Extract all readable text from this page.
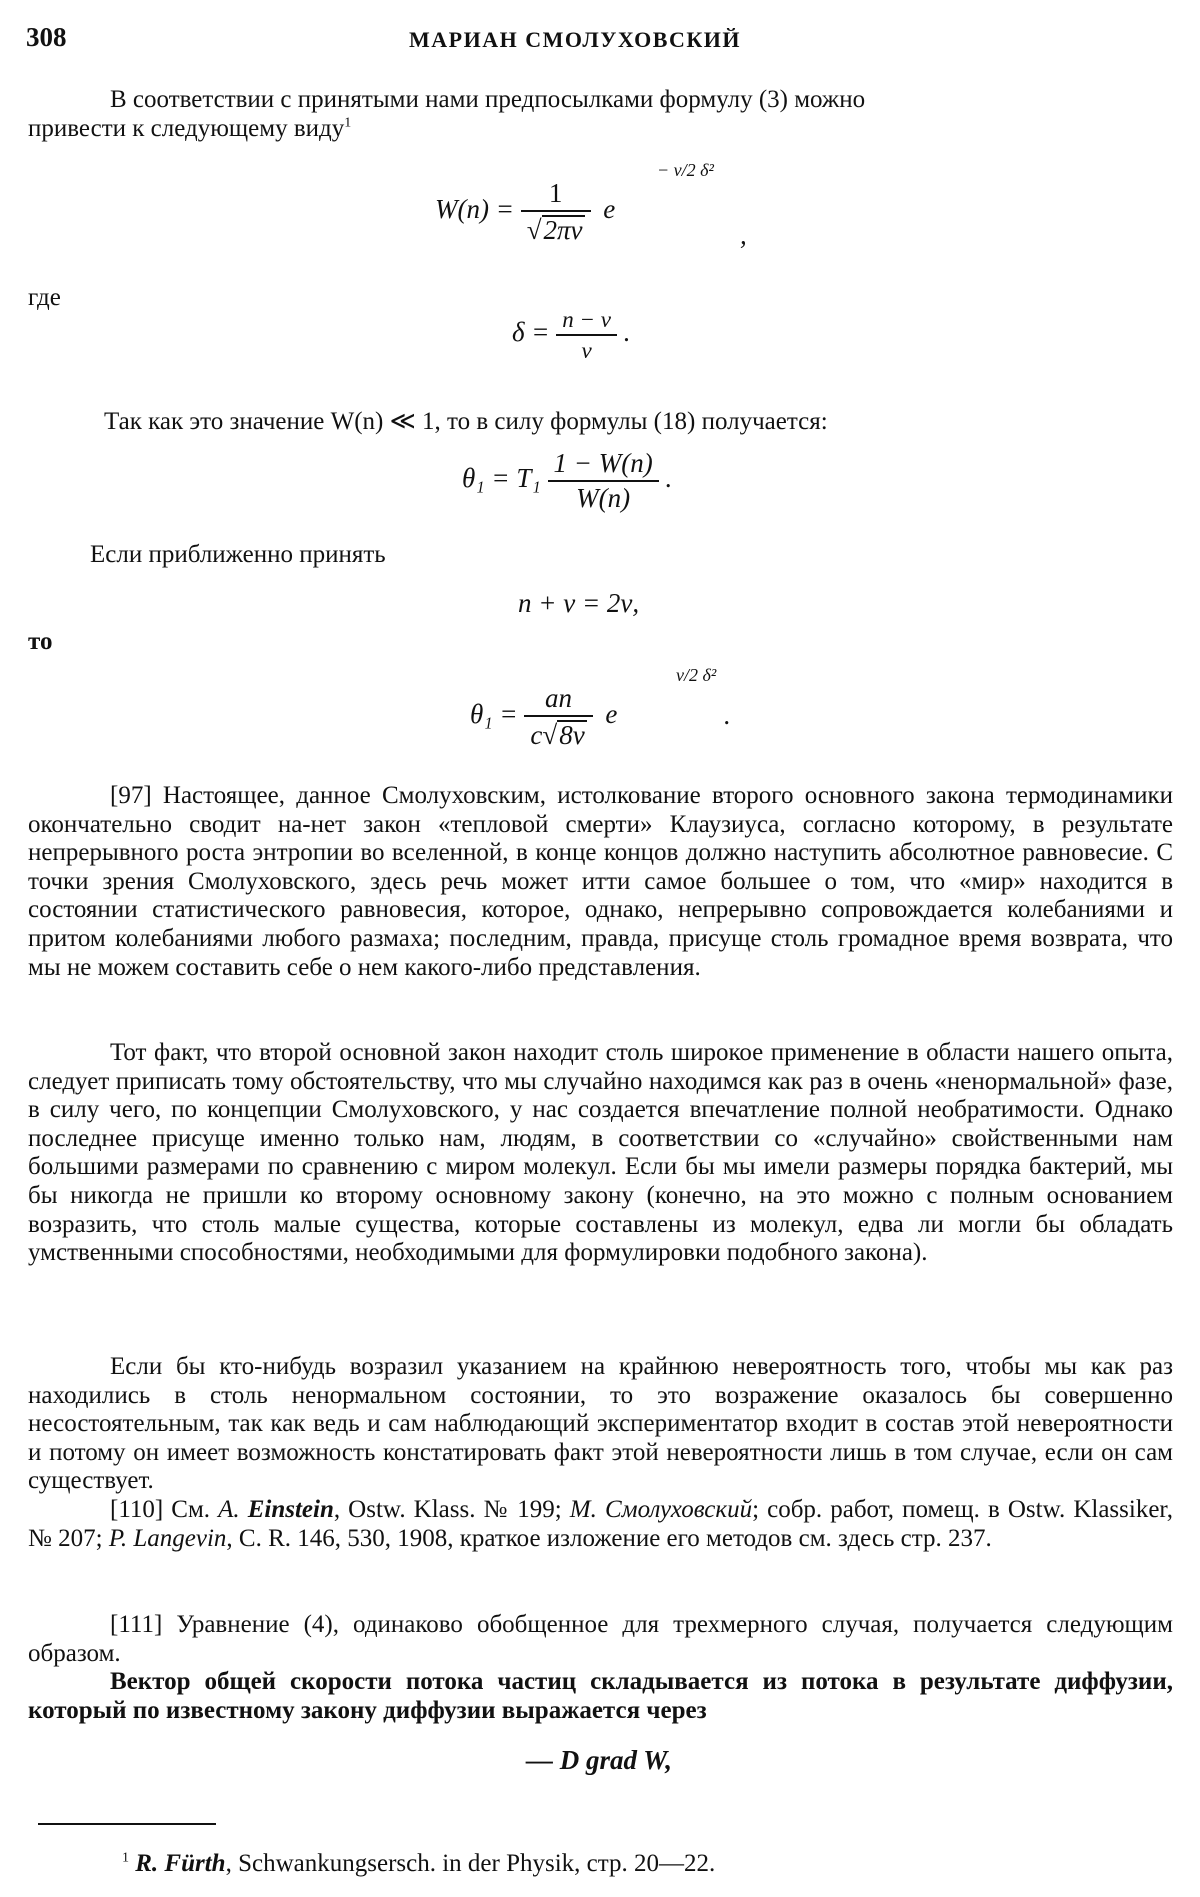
308	МАРИАН СМОЛУХОВСКИЙ
В соответствии с принятыми нами предпосылками формулу (3) можно
привести к следующему виду$^1$
$W(n) = \frac{1}{√2\pi\nu}$ e
− ν/2 δ²
,
где
$\delta = \frac{n - \nu}{\nu}$ .
Так как это значение W(n) ≪ 1, то в силу формулы (18) получается:
$\theta_1 = T_1 \frac{1 - W(n)}{W(n)}$ .
Если приближенно принять
n + ν = 2ν,
то
$\theta_1 = \frac{an}{c√8\nu}$ e
ν/2 δ²
.

[97] Настоящее, данное Смолуховским, истолкование второго основного закона термодинамики окончательно сводит на-нет закон «тепловой смерти» Клаузиуса, согласно которому, в результате непрерывного роста энтропии во вселенной, в конце концов должно наступить абсолютное равновесие. С точки зрения Смолуховского, здесь речь может итти самое большее о том, что «мир» находится в состоянии статистического равновесия, которое, однако, непрерывно сопровождается колебаниями и притом колебаниями любого размаха; последним, правда, присуще столь громадное время возврата, что мы не можем составить себе о нем какого-либо представления.

Тот факт, что второй основной закон находит столь широкое применение в области нашего опыта, следует приписать тому обстоятельству, что мы случайно находимся как раз в очень «ненормальной» фазе, в силу чего, по концепции Смолуховского, у нас создается впечатление полной необратимости. Однако последнее присуще именно только нам, людям, в соответствии со «случайно» свойственными нам большими размерами по сравнению с миром молекул. Если бы мы имели размеры порядка бактерий, мы бы никогда не пришли ко второму основному закону (конечно, на это можно с полным основанием возразить, что столь малые существа, которые составлены из молекул, едва ли могли бы обладать умственными способностями, необходимыми для формулировки подобного закона).

Если бы кто-нибудь возразил указанием на крайнюю невероятность того, чтобы мы как раз находились в столь ненормальном состоянии, то это возражение оказалось бы совершенно несостоятельным, так как ведь и сам наблюдающий экспериментатор входит в состав этой невероятности и потому он имеет возможность констатировать факт этой невероятности лишь в том случае, если он сам существует.

[110] См. A. Einstein, Ostw. Klass. № 199; М. Смолуховский; собр. работ, помещ. в Ostw. Klassiker, № 207; P. Langevin, C. R. 146, 530, 1908, краткое изложение его методов см. здесь стр. 237.

[111] Уравнение (4), одинаково обобщенное для трехмерного случая, получается следующим образом.

Вектор общей скорости потока частиц складывается из потока в результате диффузии, который по известному закону диффузии выражается через

— D grad W,
$^1$ R. Fürth, Schwankungsersch. in der Physik, стр. 20—22.
